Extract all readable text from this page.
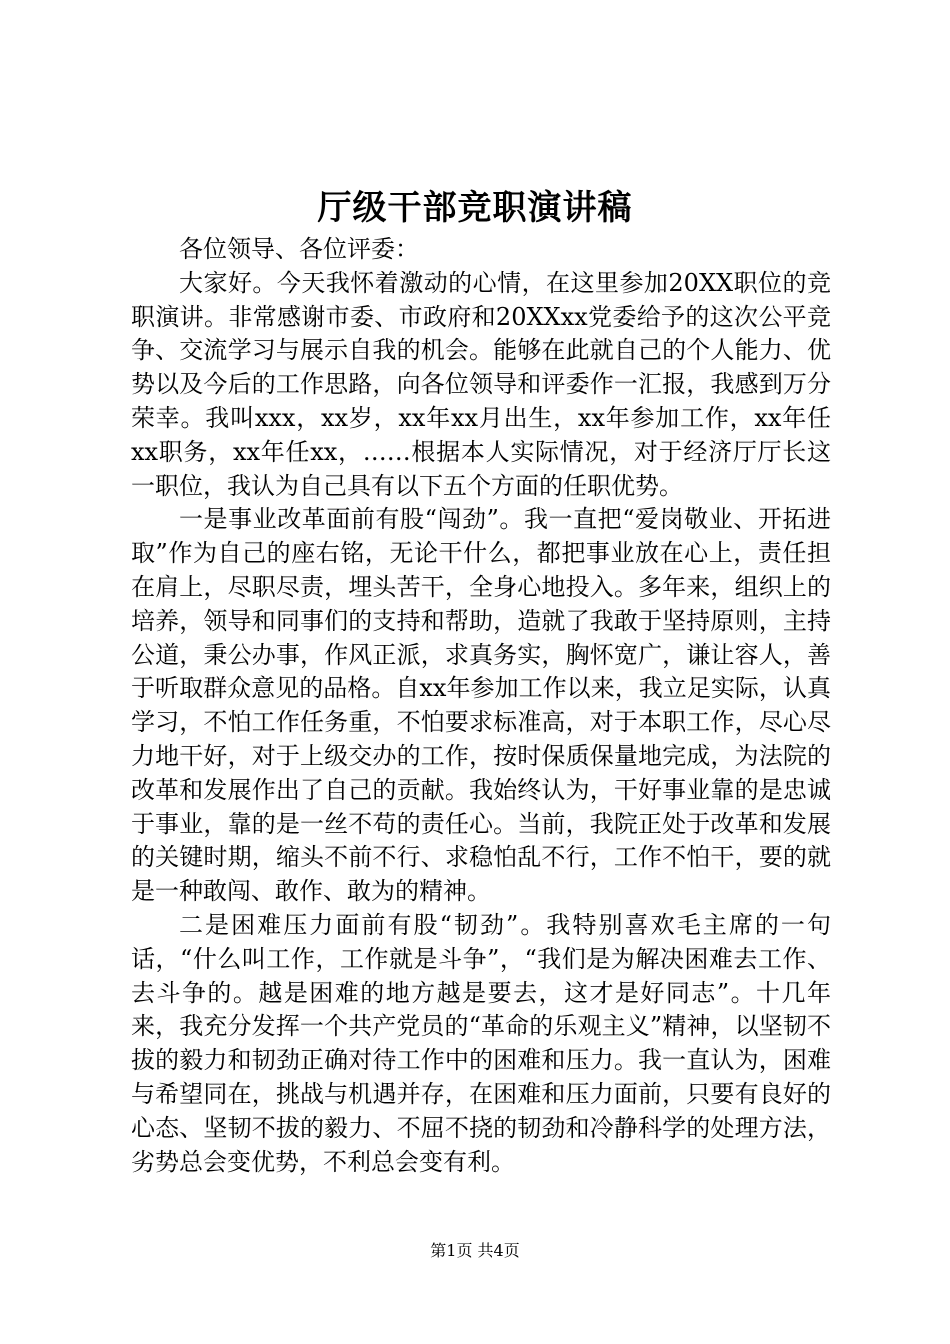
厅级干部竞职演讲稿

各位领导、各位评委：

大家好。今天我怀着激动的心情，在这里参加20XX职位的竞职演讲。非常感谢市委、市政府和20XXxx党委给予的这次公平竞争、交流学习与展示自我的机会。能够在此就自己的个人能力、优势以及今后的工作思路，向各位领导和评委作一汇报，我感到万分荣幸。我叫xxx，xx岁，xx年xx月出生，xx年参加工作，xx年任xx职务，xx年任xx，……根据本人实际情况，对于经济厅厅长这一职位，我认为自己具有以下五个方面的任职优势。

一是事业改革面前有股“闯劲”。我一直把“爱岗敬业、开拓进取”作为自己的座右铭，无论干什么，都把事业放在心上，责任担在肩上，尽职尽责，埋头苦干，全身心地投入。多年来，组织上的培养，领导和同事们的支持和帮助，造就了我敢于坚持原则，主持公道，秉公办事，作风正派，求真务实，胸怀宽广，谦让容人，善于听取群众意见的品格。自xx年参加工作以来，我立足实际，认真学习，不怕工作任务重，不怕要求标准高，对于本职工作，尽心尽力地干好，对于上级交办的工作，按时保质保量地完成，为法院的改革和发展作出了自己的贡献。我始终认为，干好事业靠的是忠诚于事业，靠的是一丝不苟的责任心。当前，我院正处于改革和发展的关键时期，缩头不前不行、求稳怕乱不行，工作不怕干，要的就是一种敢闯、敢作、敢为的精神。

二是困难压力面前有股“韧劲”。我特别喜欢毛主席的一句话，“什么叫工作，工作就是斗争”，“我们是为解决困难去工作、去斗争的。越是困难的地方越是要去，这才是好同志”。十几年来，我充分发挥一个共产党员的“革命的乐观主义”精神，以坚韧不拔的毅力和韧劲正确对待工作中的困难和压力。我一直认为，困难与希望同在，挑战与机遇并存，在困难和压力面前，只要有良好的心态、坚韧不拔的毅力、不屈不挠的韧劲和冷静科学的处理方法，劣势总会变优势，不利总会变有利。

第1页 共4页
